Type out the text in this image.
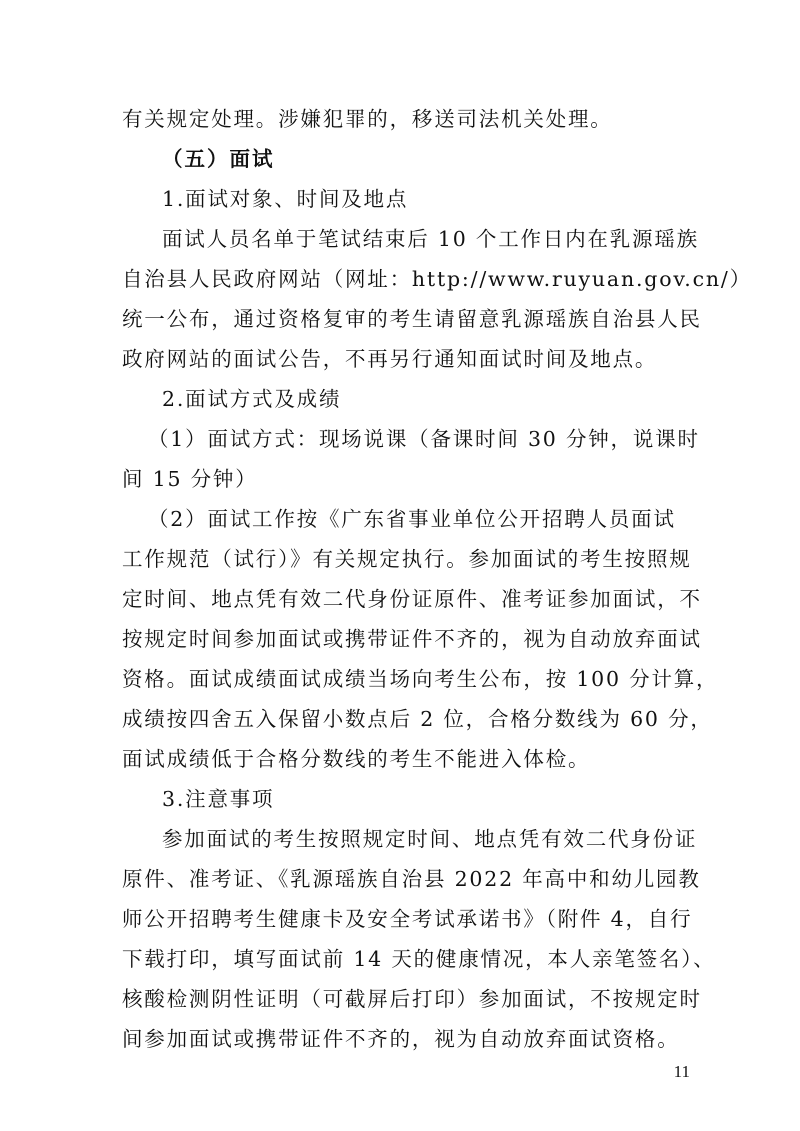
有关规定处理。涉嫌犯罪的，移送司法机关处理。
（五）面试
1.面试对象、时间及地点
面试人员名单于笔试结束后 10 个工作日内在乳源瑶族
自治县人民政府网站（网址：http://www.ruyuan.gov.cn/）
统一公布，通过资格复审的考生请留意乳源瑶族自治县人民
政府网站的面试公告，不再另行通知面试时间及地点。
2.面试方式及成绩
（1）面试方式：现场说课（备课时间 30 分钟，说课时
间 15 分钟）
（2）面试工作按《广东省事业单位公开招聘人员面试
工作规范（试行）》有关规定执行。参加面试的考生按照规
定时间、地点凭有效二代身份证原件、准考证参加面试，不
按规定时间参加面试或携带证件不齐的，视为自动放弃面试
资格。面试成绩面试成绩当场向考生公布，按 100 分计算，
成绩按四舍五入保留小数点后 2 位，合格分数线为 60 分，
面试成绩低于合格分数线的考生不能进入体检。
3.注意事项
参加面试的考生按照规定时间、地点凭有效二代身份证
原件、准考证、《乳源瑶族自治县 2022 年高中和幼儿园教
师公开招聘考生健康卡及安全考试承诺书》（附件 4，自行
下载打印，填写面试前 14 天的健康情况，本人亲笔签名）、
核酸检测阴性证明（可截屏后打印）参加面试，不按规定时
间参加面试或携带证件不齐的，视为自动放弃面试资格。
11
